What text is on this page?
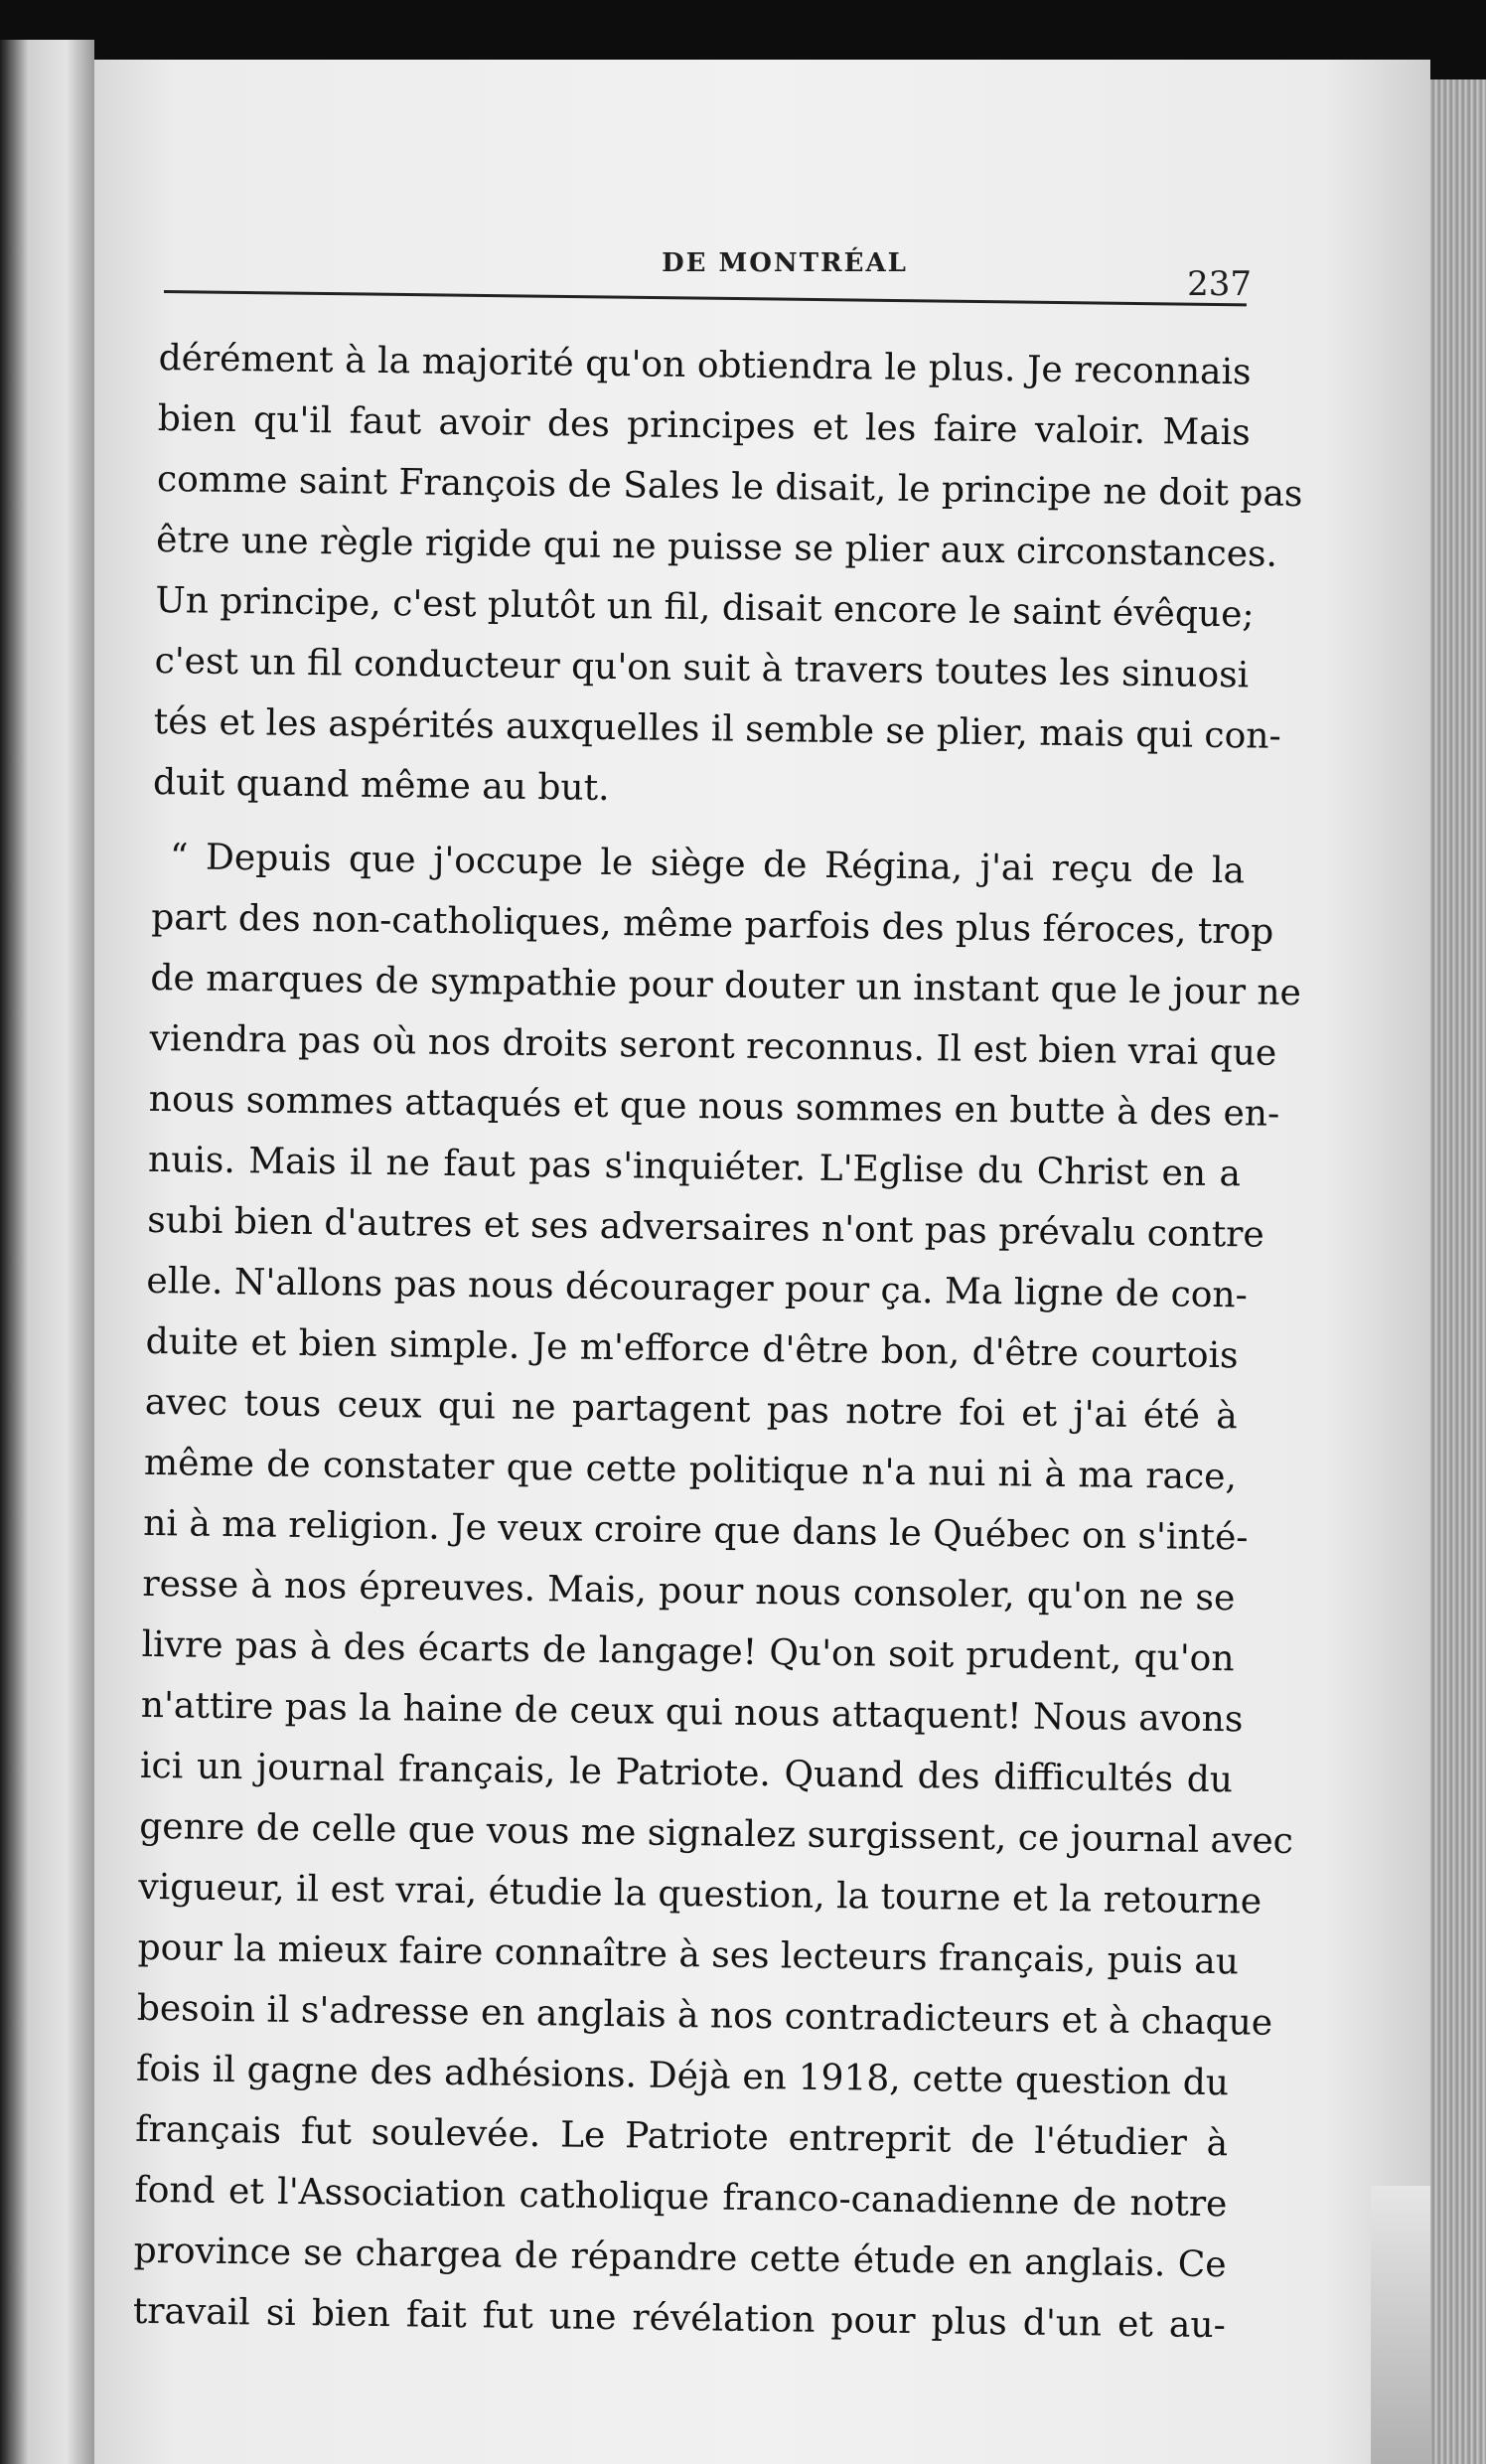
DE MONTRÉAL
237
dérément à la majorité qu'on obtiendra le plus. Je reconnais
bien qu'il faut avoir des principes et les faire valoir. Mais
comme saint François de Sales le disait, le principe ne doit pas
être une règle rigide qui ne puisse se plier aux circonstances.
Un principe, c'est plutôt un fil, disait encore le saint évêque;
c'est un fil conducteur qu'on suit à travers toutes les sinuosi
tés et les aspérités auxquelles il semble se plier, mais qui con-
duit quand même au but.
“ Depuis que j'occupe le siège de Régina, j'ai reçu de la
part des non-catholiques, même parfois des plus féroces, trop
de marques de sympathie pour douter un instant que le jour ne
viendra pas où nos droits seront reconnus. Il est bien vrai que
nous sommes attaqués et que nous sommes en butte à des en-
nuis. Mais il ne faut pas s'inquiéter. L'Eglise du Christ en a
subi bien d'autres et ses adversaires n'ont pas prévalu contre
elle. N'allons pas nous décourager pour ça. Ma ligne de con-
duite et bien simple. Je m'efforce d'être bon, d'être courtois
avec tous ceux qui ne partagent pas notre foi et j'ai été à
même de constater que cette politique n'a nui ni à ma race,
ni à ma religion. Je veux croire que dans le Québec on s'inté-
resse à nos épreuves. Mais, pour nous consoler, qu'on ne se
livre pas à des écarts de langage! Qu'on soit prudent, qu'on
n'attire pas la haine de ceux qui nous attaquent! Nous avons
ici un journal français, le Patriote. Quand des difficultés du
genre de celle que vous me signalez surgissent, ce journal avec
vigueur, il est vrai, étudie la question, la tourne et la retourne
pour la mieux faire connaître à ses lecteurs français, puis au
besoin il s'adresse en anglais à nos contradicteurs et à chaque
fois il gagne des adhésions. Déjà en 1918, cette question du
français fut soulevée. Le Patriote entreprit de l'étudier à
fond et l'Association catholique franco-canadienne de notre
province se chargea de répandre cette étude en anglais. Ce
travail si bien fait fut une révélation pour plus d'un et au-
